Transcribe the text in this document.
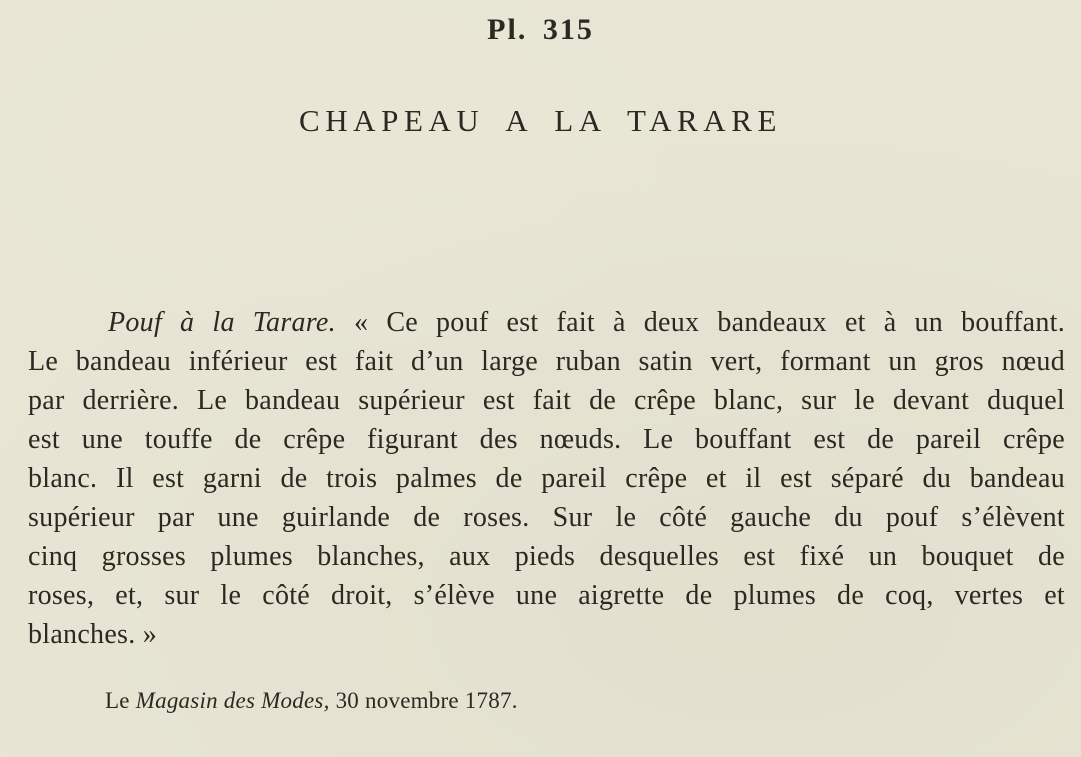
Pl. 315
CHAPEAU A LA TARARE
Pouf à la Tarare. « Ce pouf est fait à deux bandeaux et à un bouffant.
Le bandeau inférieur est fait d’un large ruban satin vert, formant un gros nœud
par derrière. Le bandeau supérieur est fait de crêpe blanc, sur le devant duquel
est une touffe de crêpe figurant des nœuds. Le bouffant est de pareil crêpe
blanc. Il est garni de trois palmes de pareil crêpe et il est séparé du bandeau
supérieur par une guirlande de roses. Sur le côté gauche du pouf s’élèvent
cinq grosses plumes blanches, aux pieds desquelles est fixé un bouquet de
roses, et, sur le côté droit, s’élève une aigrette de plumes de coq, vertes et
blanches. »
Le Magasin des Modes, 30 novembre 1787.
